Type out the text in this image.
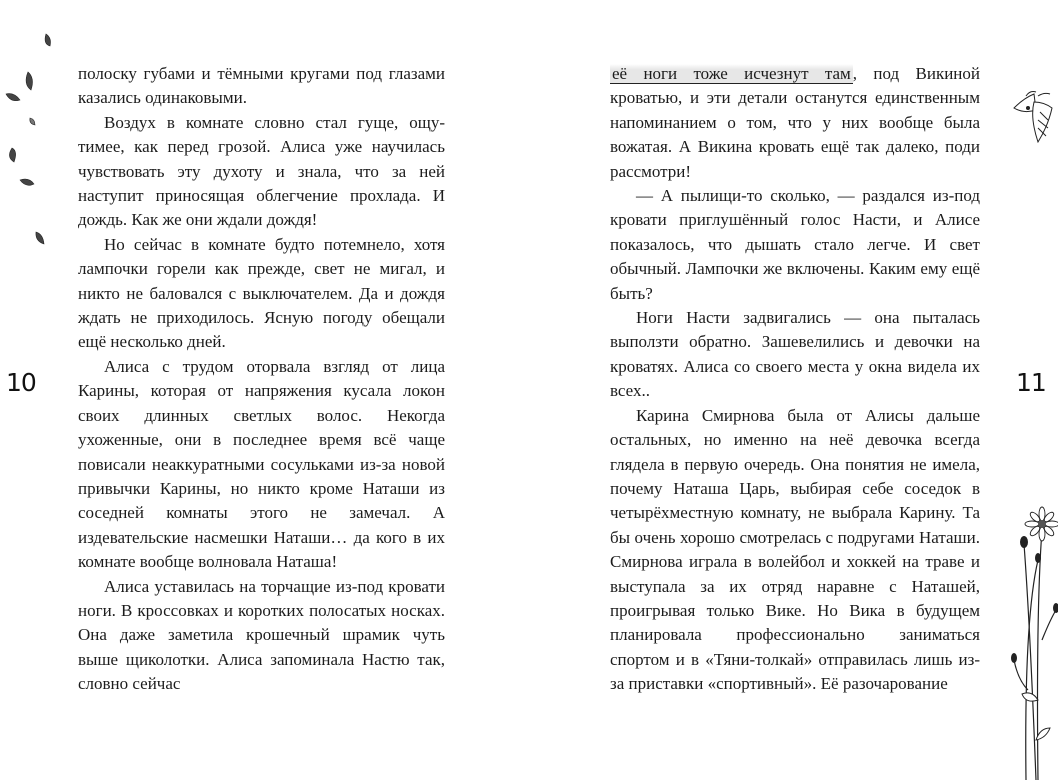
полоску губами и тёмными кругами под глазами казались одинаковыми.

Воздух в комнате словно стал гуще, ощутимее, как перед грозой. Алиса уже научилась чувствовать эту духоту и знала, что за ней наступит приносящая облегчение прохлада. И дождь. Как же они ждали дождя!

Но сейчас в комнате будто потемнело, хотя лампочки горели как прежде, свет не мигал, и никто не баловался с выключателем. Да и дождя ждать не приходилось. Ясную погоду обещали ещё несколько дней.

Алиса с трудом оторвала взгляд от лица Карины, которая от напряжения кусала локон своих длинных светлых волос. Некогда ухоженные, они в последнее время всё чаще повисали неаккуратными сосульками из-за новой привычки Карины, но никто кроме Наташи из соседней комнаты этого не замечал. А издевательские насмешки Наташи… да кого в их комнате вообще волновала Наташа!

Алиса уставилась на торчащие из-под кровати ноги. В кроссовках и коротких полосатых носках. Она даже заметила крошечный шрамик чуть выше щиколотки. Алиса запоминала Настю так, словно сейчас

10

её ноги тоже исчезнут там , под Викиной кроватью, и эти детали останутся единственным напоминанием о том, что у них вообще была вожатая. А Викина кровать ещё так далеко, поди рассмотри!

— А пылищи-то сколько, — раздался из-под кровати приглушённый голос Насти, и Алисе показалось, что дышать стало легче. И свет обычный. Лампочки же включены. Каким ему ещё быть?

Ноги Насти задвигались — она пыталась выползти обратно. Зашевелились и девочки на кроватях. Алиса со своего места у окна видела их всех..

Карина Смирнова была от Алисы дальше остальных, но именно на неё девочка всегда глядела в первую очередь. Она понятия не имела, почему Наташа Царь, выбирая себе соседок в четырёхместную комнату, не выбрала Карину. Та бы очень хорошо смотрелась с подругами Наташи. Смирнова играла в волейбол и хоккей на траве и выступала за их отряд наравне с Наташей, проигрывая только Вике. Но Вика в будущем планировала профессионально заниматься спортом и в «Тяни-толкай» отправилась лишь из-за приставки «спортивный». Её разочарование

11
